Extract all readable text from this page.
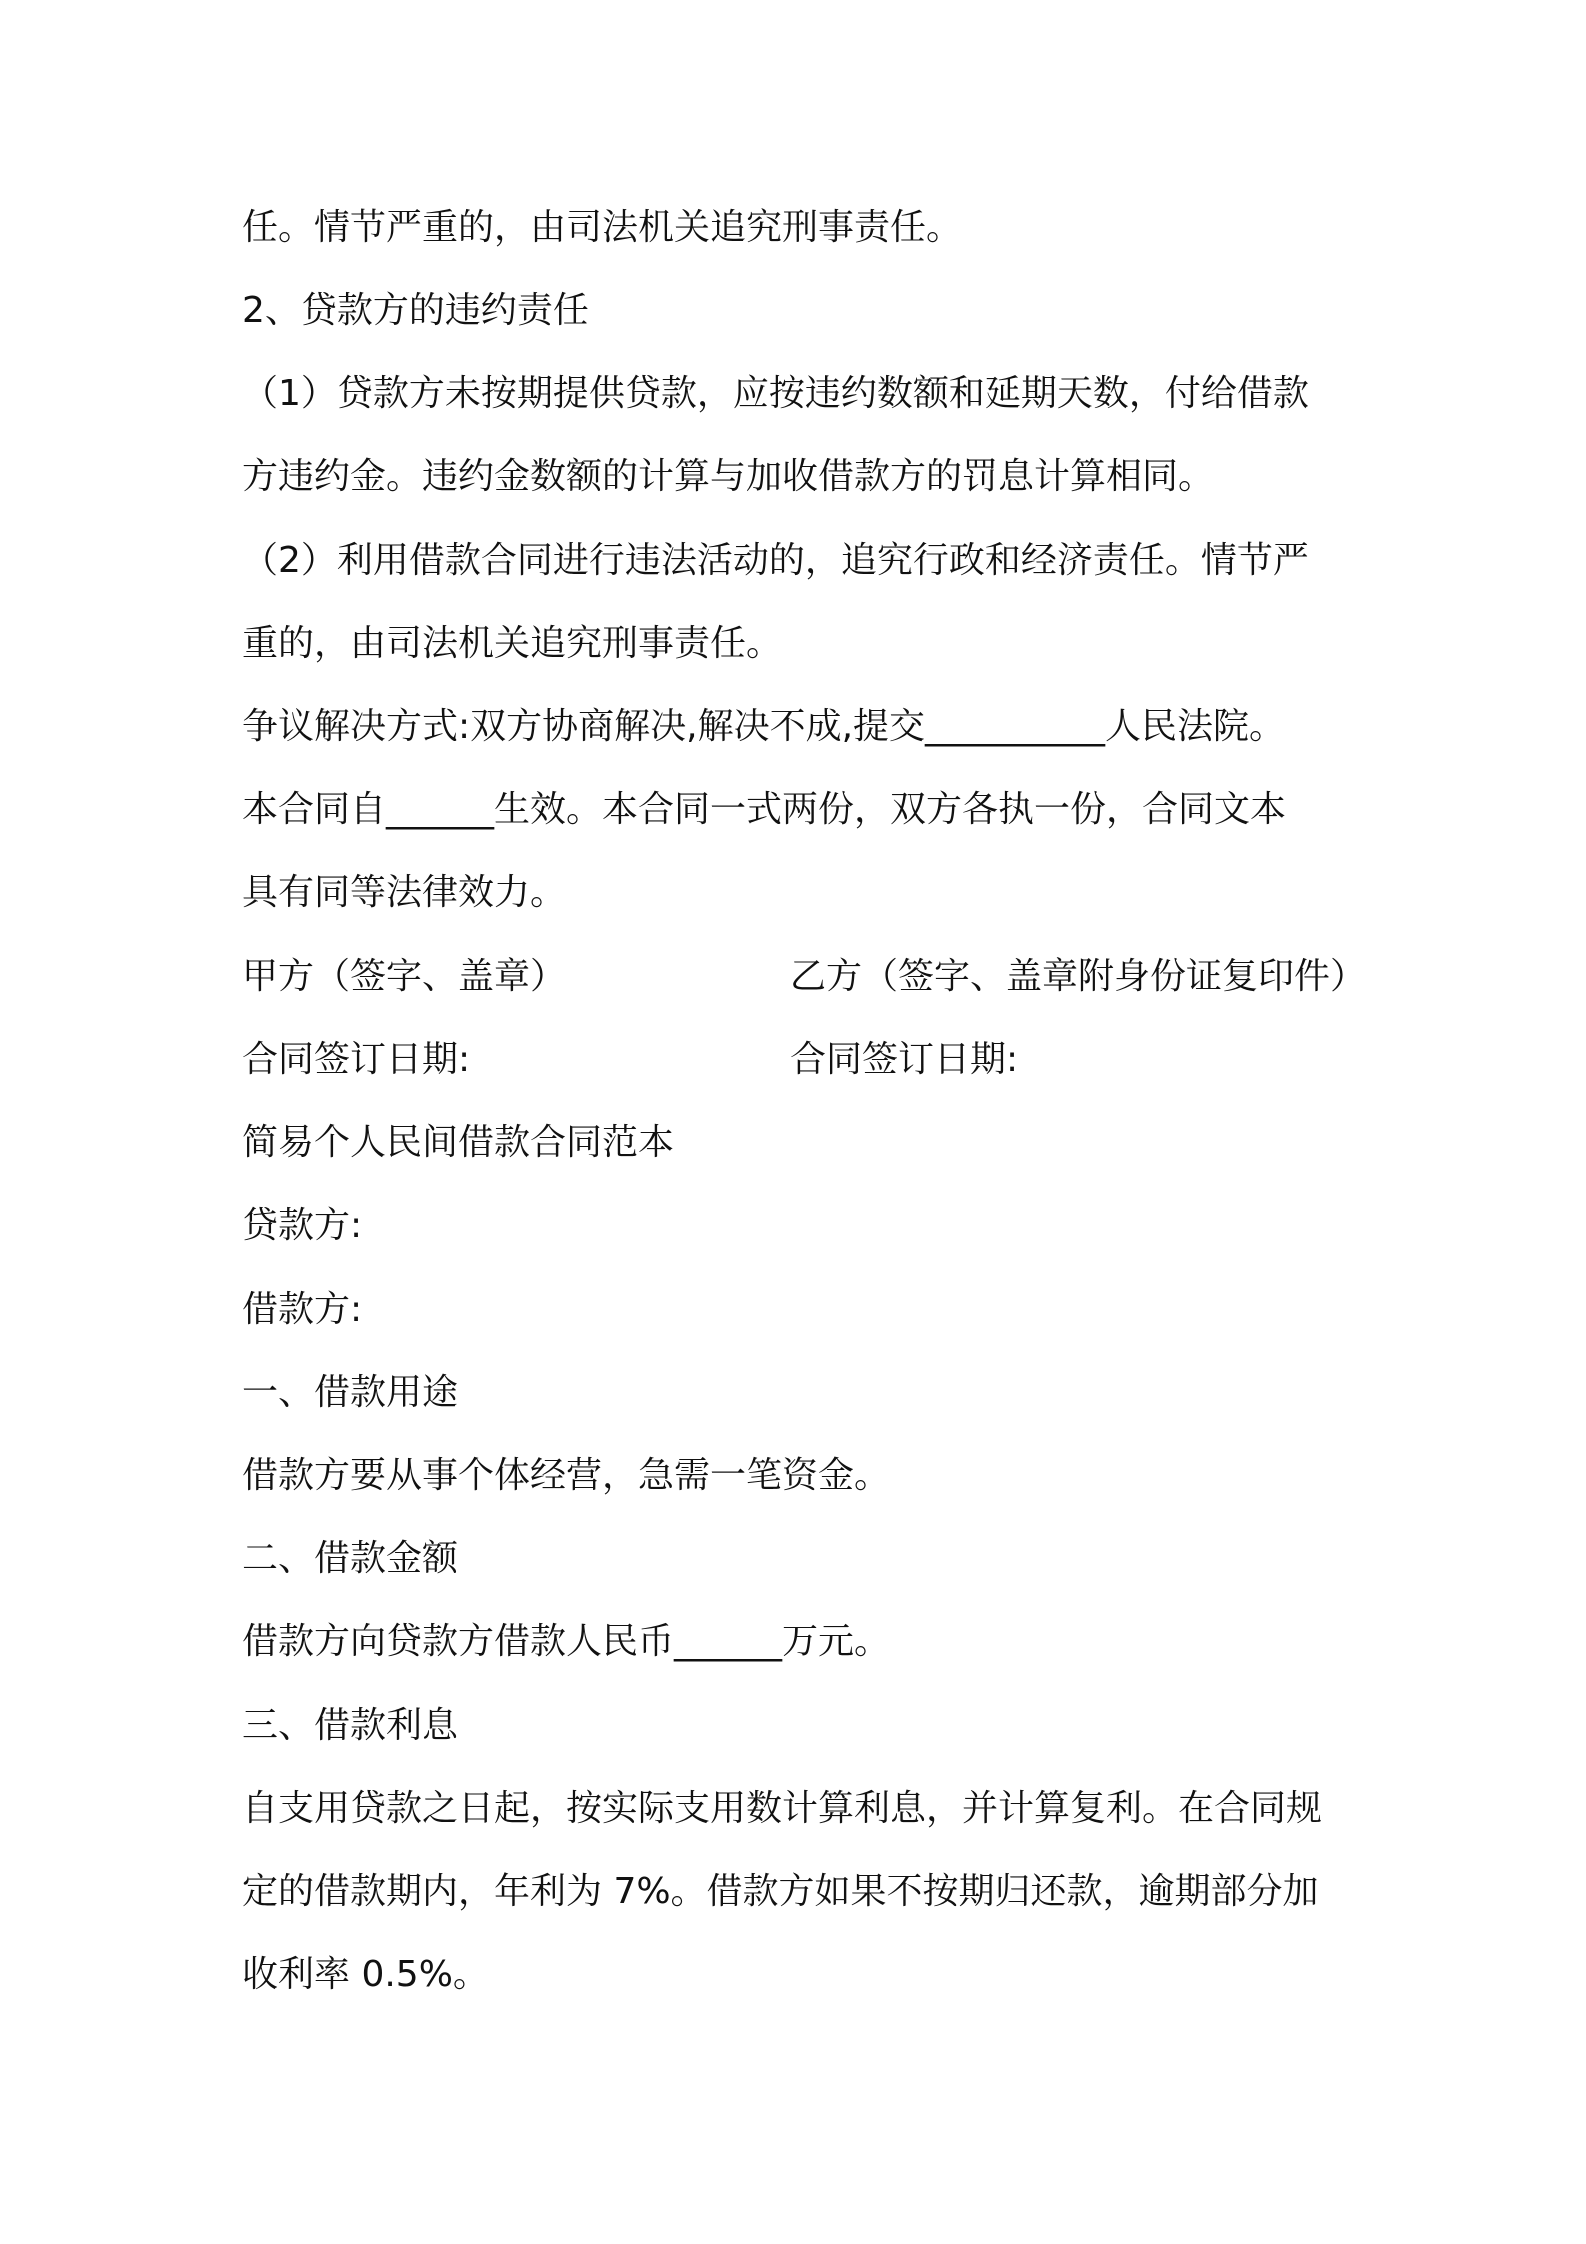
任。情节严重的，由司法机关追究刑事责任。
2、贷款方的违约责任
（1）贷款方未按期提供贷款，应按违约数额和延期天数，付给借款
方违约金。违约金数额的计算与加收借款方的罚息计算相同。
（2）利用借款合同进行违法活动的，追究行政和经济责任。情节严
重的，由司法机关追究刑事责任。
争议解决方式:双方协商解决,解决不成,提交__________人民法院。
本合同自______生效。本合同一式两份，双方各执一份，合同文本
具有同等法律效力。
甲方（签字、盖章）	乙方（签字、盖章附身份证复印件）
合同签订日期:	合同签订日期:
简易个人民间借款合同范本
贷款方:
借款方:
一、借款用途
借款方要从事个体经营，急需一笔资金。
二、借款金额
借款方向贷款方借款人民币______万元。
三、借款利息
自支用贷款之日起，按实际支用数计算利息，并计算复利。在合同规
定的借款期内，年利为 7%。借款方如果不按期归还款，逾期部分加
收利率 0.5%。
